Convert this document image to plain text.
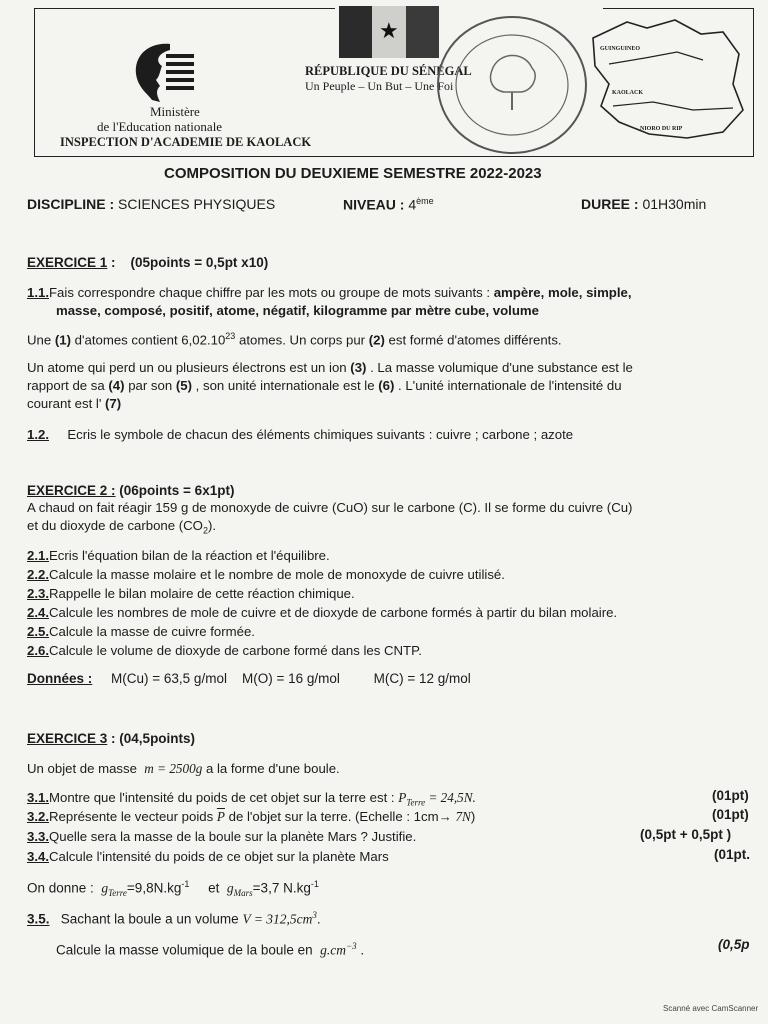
Ministère
de l'Education nationale
INSPECTION D'ACADEMIE DE KAOLACK
★
RÉPUBLIQUE DU SÉNÉGAL
Un Peuple – Un But – Une Foi
GUINGUINEO
KAOLACK
NIORO DU RIP
COMPOSITION DU DEUXIEME SEMESTRE 2022-2023
DISCIPLINE : SCIENCES PHYSIQUES	NIVEAU : 4ème	DUREE : 01H30min
EXERCICE 1 :    (05points = 0,5pt x10)
1.1.Fais correspondre chaque chiffre par les mots ou groupe de mots suivants : ampère, mole, simple,
masse, composé, positif, atome, négatif, kilogramme par mètre cube, volume
Une (1) d'atomes contient 6,02.10$^{23}$ atomes. Un corps pur (2) est formé d'atomes différents.
Un atome qui perd un ou plusieurs électrons est un ion (3) . La masse volumique d'une substance est le
rapport de sa (4) par son (5) , son unité internationale est le (6) . L'unité internationale de l'intensité du
courant est l' (7)
1.2. Ecris le symbole de chacun des éléments chimiques suivants : cuivre ; carbone ; azote
EXERCICE 2 : (06points = 6x1pt)
A chaud on fait réagir 159 g de monoxyde de cuivre (CuO) sur le carbone (C). Il se forme du cuivre (Cu)
et du dioxyde de carbone $(CO_2)$.
2.1.Ecris l'équation bilan de la réaction et l'équilibre.
2.2.Calcule la masse molaire et le nombre de mole de monoxyde de cuivre utilisé.
2.3.Rappelle le bilan molaire de cette réaction chimique.
2.4.Calcule les nombres de mole de cuivre et de dioxyde de carbone formés à partir du bilan molaire.
2.5.Calcule la masse de cuivre formée.
2.6.Calcule le volume de dioxyde de carbone formé dans les CNTP.
Données : M(Cu) = 63,5 g/mol M(O) = 16 g/mol	M(C) = 12 g/mol
EXERCICE 3 : (04,5points)
Un objet de masse m = 2500g a la forme d'une boule.
3.1.Montre que l'intensité du poids de cet objet sur la terre est : $P_{Terre} = 24,5N$.	(01pt)
3.2.Représente le vecteur poids $\overline{P}$ de l'objet sur la terre. (Echelle : 1cm→ 7N)	(01pt)
3.3.Quelle sera la masse de la boule sur la planète Mars ? Justifie.	(0,5pt + 0,5pt )
3.4.Calcule l'intensité du poids de ce objet sur la planète Mars	(01pt.
On donne : $g_{Terre}=9,8N.kg^{-1}$ et $g_{Mars}=3,7$ $N.kg^{-1}$
3.5. Sachant la boule a un volume $V = 312,5cm^3$.
Calcule la masse volumique de la boule en $g.cm^{-3}$ .	(0,5p
Scanné avec CamScanner
